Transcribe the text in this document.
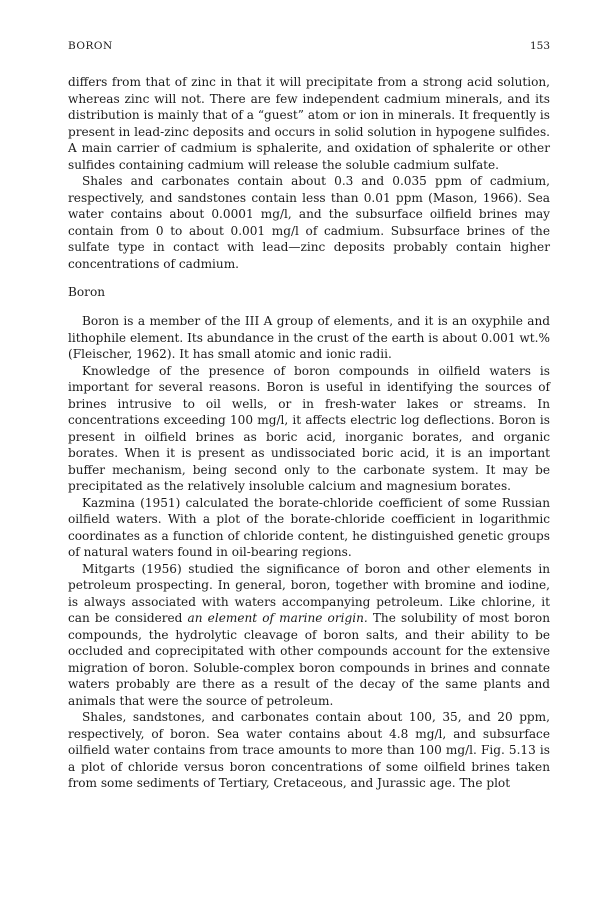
BORON	153

differs from that of zinc in that it will precipitate from a strong acid solution, whereas zinc will not. There are few independent cadmium minerals, and its distribution is mainly that of a “guest” atom or ion in minerals. It frequently is present in lead-zinc deposits and occurs in solid solution in hypogene sulfides. A main carrier of cadmium is sphalerite, and oxidation of sphalerite or other sulfides containing cadmium will release the soluble cadmium sulfate.

Shales and carbonates contain about 0.3 and 0.035 ppm of cadmium, respectively, and sandstones contain less than 0.01 ppm (Mason, 1966). Sea water contains about 0.0001 mg/l, and the subsurface oilfield brines may contain from 0 to about 0.001 mg/l of cadmium. Subsurface brines of the sulfate type in contact with lead—zinc deposits probably contain higher concentrations of cadmium.

Boron

Boron is a member of the III A group of elements, and it is an oxyphile and lithophile element. Its abundance in the crust of the earth is about 0.001 wt.% (Fleischer, 1962). It has small atomic and ionic radii.

Knowledge of the presence of boron compounds in oilfield waters is important for several reasons. Boron is useful in identifying the sources of brines intrusive to oil wells, or in fresh-water lakes or streams. In concentrations exceeding 100 mg/l, it affects electric log deflections. Boron is present in oilfield brines as boric acid, inorganic borates, and organic borates. When it is present as undissociated boric acid, it is an important buffer mechanism, being second only to the carbonate system. It may be precipitated as the relatively insoluble calcium and magnesium borates.

Kazmina (1951) calculated the borate-chloride coefficient of some Russian oilfield waters. With a plot of the borate-chloride coefficient in logarithmic coordinates as a function of chloride content, he distinguished genetic groups of natural waters found in oil-bearing regions.

Mitgarts (1956) studied the significance of boron and other elements in petroleum prospecting. In general, boron, together with bromine and iodine, is always associated with waters accompanying petroleum. Like chlorine, it can be considered an element of marine origin. The solubility of most boron compounds, the hydrolytic cleavage of boron salts, and their ability to be occluded and coprecipitated with other compounds account for the extensive migration of boron. Soluble-complex boron compounds in brines and connate waters probably are there as a result of the decay of the same plants and animals that were the source of petroleum.

Shales, sandstones, and carbonates contain about 100, 35, and 20 ppm, respectively, of boron. Sea water contains about 4.8 mg/l, and subsurface oilfield water contains from trace amounts to more than 100 mg/l. Fig. 5.13 is a plot of chloride versus boron concentrations of some oilfield brines taken from some sediments of Tertiary, Cretaceous, and Jurassic age. The plot
